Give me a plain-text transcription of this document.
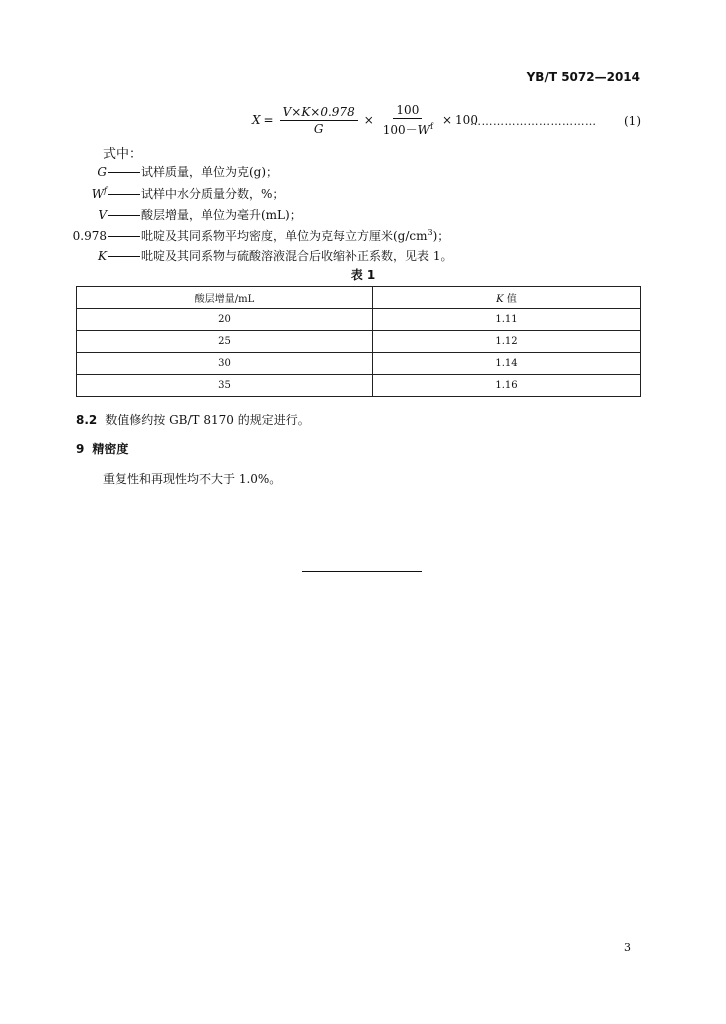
YB/T 5072—2014
$X = \frac{V\times K\times 0.978}{G} \times \frac{100}{100-W^f} \times 100$
…………………………… (1)
式中：
G	试样质量，单位为克(g)；
$W^f$	试样中水分质量分数，%；
V	酸层增量，单位为毫升(mL)；
0.978	吡啶及其同系物平均密度，单位为克每立方厘米$(g/cm^3)$；
K	吡啶及其同系物与硫酸溶液混合后收缩补正系数，见表 1。
表 1
酸层增量/mL	K 值
20	1.11
25	1.12
30	1.14
35	1.16
8.2 数值修约按 GB/T 8170 的规定进行。
9 精密度
重复性和再现性均不大于 1.0%。
3
